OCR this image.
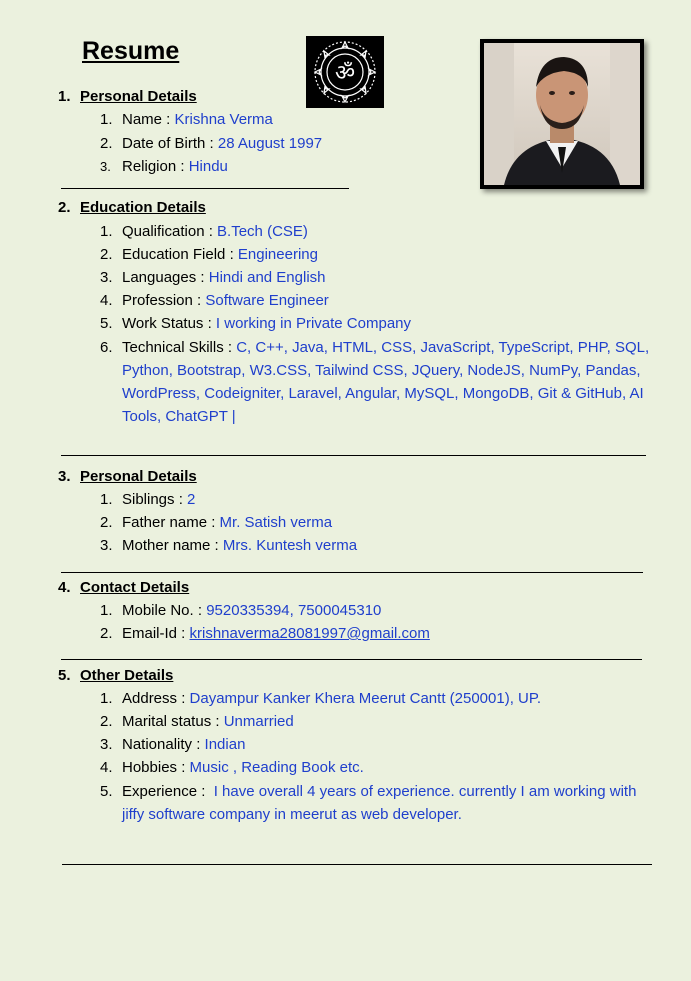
Resume
ॐ
1. Personal Details
1. Name : Krishna Verma
2. Date of Birth : 28 August 1997
3. Religion : Hindu
2. Education Details
1. Qualification : B.Tech (CSE)
2. Education Field : Engineering
3. Languages : Hindi and English
4. Profession : Software Engineer
5. Work Status : I working in Private Company
6. Technical Skills : C, C++, Java, HTML, CSS, JavaScript, TypeScript, PHP, SQL, Python, Bootstrap, W3.CSS, Tailwind CSS, JQuery, NodeJS, NumPy, Pandas, WordPress, Codeigniter, Laravel, Angular, MySQL, MongoDB, Git & GitHub, AI Tools, ChatGPT |
3. Personal Details
1. Siblings : 2
2. Father name : Mr. Satish verma
3. Mother name : Mrs. Kuntesh verma
4. Contact Details
1. Mobile No. : 9520335394, 7500045310
2. Email-Id : krishnaverma28081997@gmail.com
5. Other Details
1. Address : Dayampur Kanker Khera Meerut Cantt (250001), UP.
2. Marital status : Unmarried
3. Nationality : Indian
4. Hobbies : Music , Reading Book etc.
5. Experience :  I have overall 4 years of experience. currently I am working with jiffy software company in meerut as web developer.
